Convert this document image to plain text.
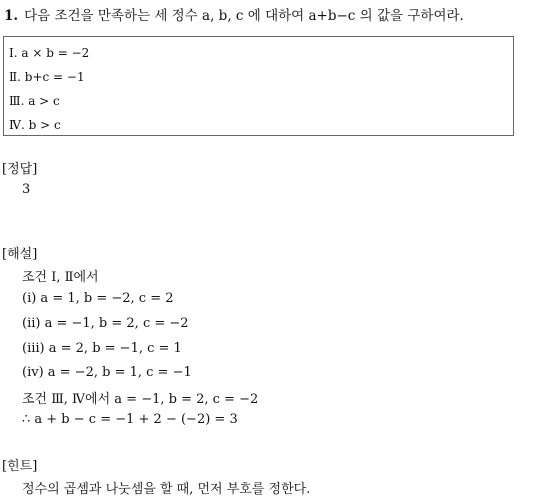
1. 다음 조건을 만족하는 세 정수 a, b, c 에 대하여 a+b−c 의 값을 구하여라.
Ⅰ. a × b = −2
Ⅱ. b+c = −1
Ⅲ. a > c
Ⅳ. b > c
[정답]
3
[해설]
조건 Ⅰ, Ⅱ에서
(ⅰ) a = 1, b = −2, c = 2
(ⅱ) a = −1, b = 2, c = −2
(ⅲ) a = 2, b = −1, c = 1
(ⅳ) a = −2, b = 1, c = −1
조건 Ⅲ, Ⅳ에서 a = −1, b = 2, c = −2
∴ a + b − c = −1 + 2 − (−2) = 3
[힌트]
정수의 곱셈과 나눗셈을 할 때, 먼저 부호를 정한다.
